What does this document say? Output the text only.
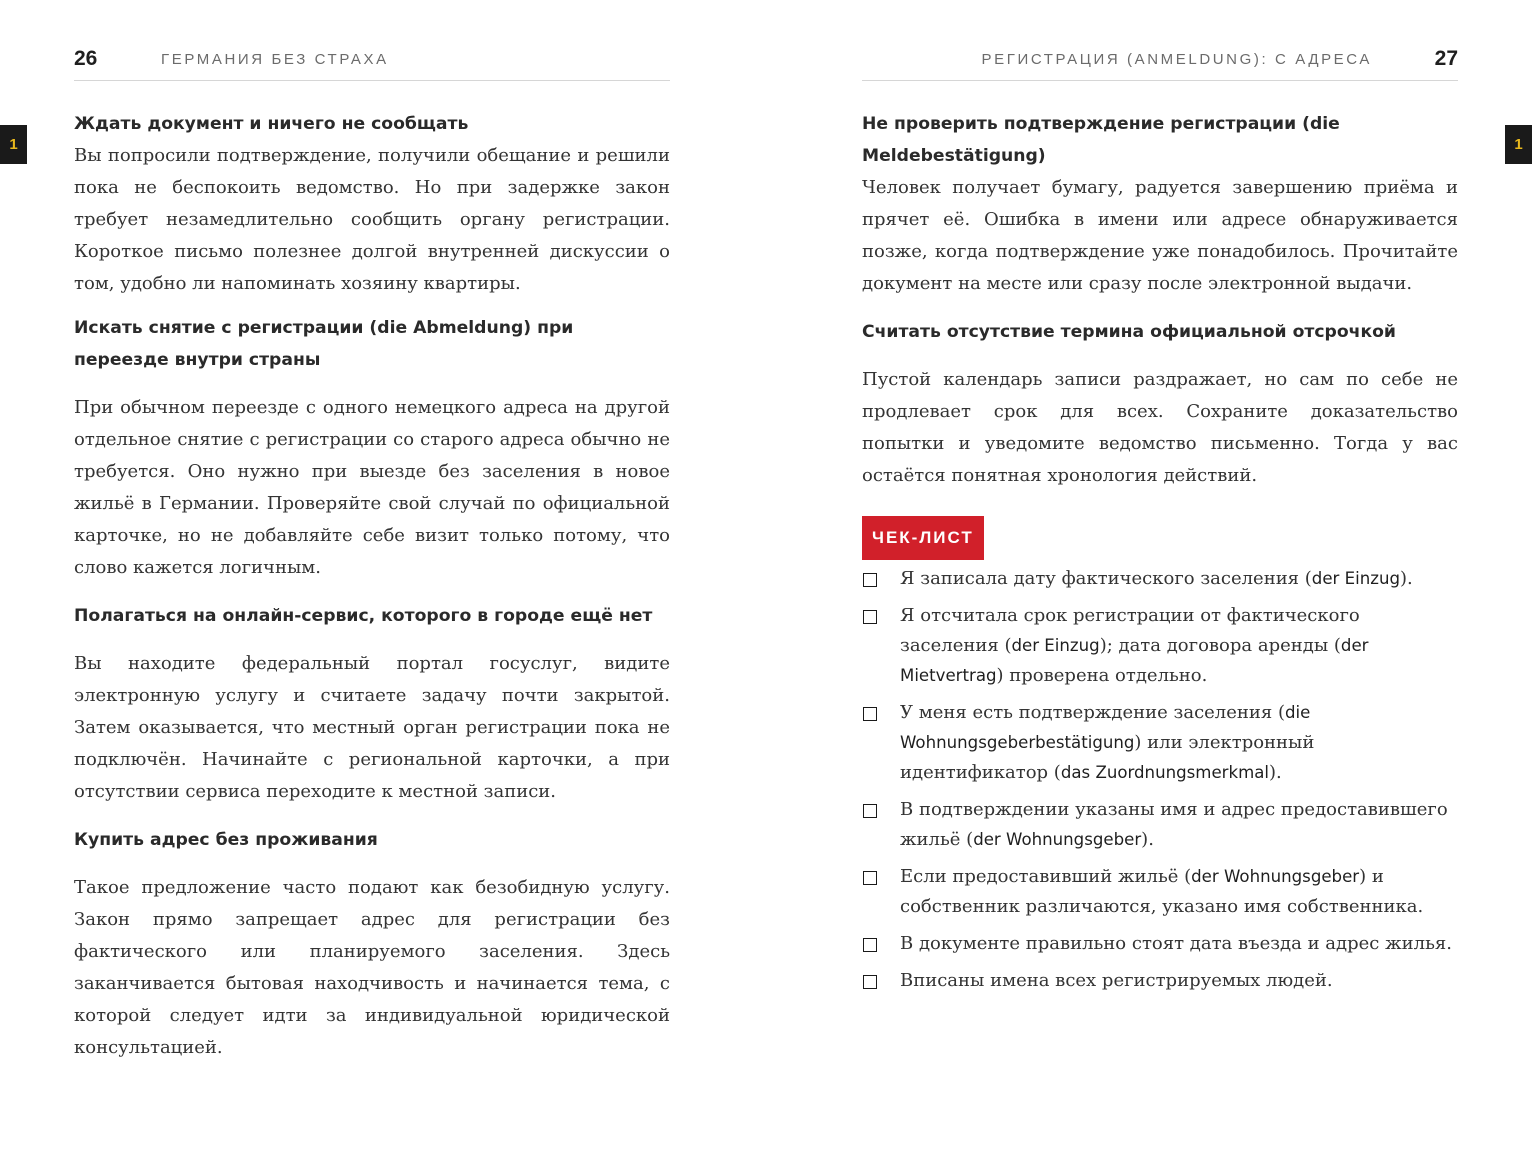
1	1
26	ГЕРМАНИЯ БЕЗ СТРАХА
Ждать документ и ничего не сообщать

Вы попросили подтверждение, получили обещание и решили пока не беспокоить ведомство. Но при задержке закон требует незамедлительно сообщить органу регистрации. Короткое письмо полезнее долгой внутренней дискуссии о том, удобно ли напоминать хозяину квартиры.

Искать снятие с регистрации (die Abmeldung) при переезде внутри страны

При обычном переезде с одного немецкого адреса на другой отдельное снятие с регистрации со старого адреса обычно не требуется. Оно нужно при выезде без заселения в новое жильё в Германии. Проверяйте свой случай по официальной карточке, но не добавляйте себе визит только потому, что слово кажется логичным.

Полагаться на онлайн-сервис, которого в городе ещё нет

Вы находите федеральный портал госуслуг, видите электронную услугу и считаете задачу почти закрытой. Затем оказывается, что местный орган регистрации пока не подключён. Начинайте с региональной карточки, а при отсутствии сервиса переходите к местной записи.

Купить адрес без проживания

Такое предложение часто подают как безобидную услугу. Закон прямо запрещает адрес для регистрации без фактического или планируемого заселения. Здесь заканчивается бытовая находчивость и начинается тема, с которой следует идти за индивидуальной юридической консультацией.

РЕГИСТРАЦИЯ (ANMELDUNG): С АДРЕСА	27
Не проверить подтверждение регистрации (die Meldebestätigung)

Человек получает бумагу, радуется завершению приёма и прячет её. Ошибка в имени или адресе обнаруживается позже, когда подтверждение уже понадобилось. Прочитайте документ на месте или сразу после электронной выдачи.

Считать отсутствие термина официальной отсрочкой

Пустой календарь записи раздражает, но сам по себе не продлевает срок для всех. Сохраните доказательство попытки и уведомите ведомство письменно. Тогда у вас остаётся понятная хронология действий.

ЧЕК-ЛИСТ
Я записала дату фактического заселения (der Einzug).
Я отсчитала срок регистрации от фактического заселения (der Einzug); дата договора аренды (der Mietvertrag) проверена отдельно.
У меня есть подтверждение заселения (die Wohnungsgeberbestätigung) или электронный идентификатор (das Zuordnungsmerkmal).
В подтверждении указаны имя и адрес предоставившего жильё (der Wohnungsgeber).
Если предоставивший жильё (der Wohnungsgeber) и собственник различаются, указано имя собственника.
В документе правильно стоят дата въезда и адрес жилья.
Вписаны имена всех регистрируемых людей.
